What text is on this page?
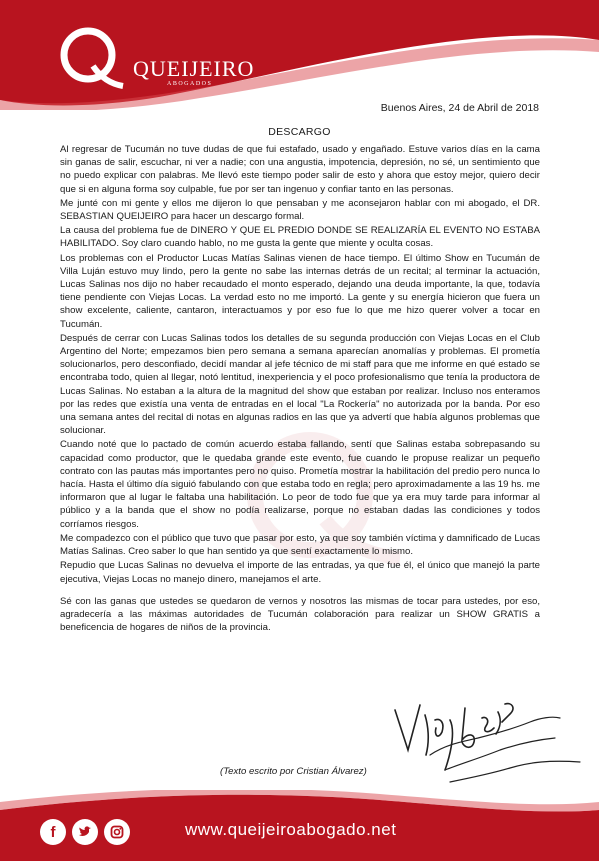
QUEIJEIRO
ABOGADOS
Buenos Aires, 24 de Abril de 2018
DESCARGO

Al regresar de Tucumán no tuve dudas de que fui estafado, usado y engañado. Estuve varios días en la cama sin ganas de salir, escuchar, ni ver a nadie; con una angustia, impotencia, depresión, no sé, un sentimiento que no puedo explicar con palabras. Me llevó este tiempo poder salir de esto y ahora que estoy mejor, quiero decir que si en alguna forma soy culpable, fue por ser tan ingenuo y confiar tanto en las personas.

Me junté con mi gente y ellos me dijeron lo que pensaban y me aconsejaron hablar con mi abogado, el DR. SEBASTIAN QUEIJEIRO para hacer un descargo formal.

La causa del problema fue de DINERO Y QUE EL PREDIO DONDE SE REALIZARÍA EL EVENTO NO ESTABA HABILITADO. Soy claro cuando hablo, no me gusta la gente que miente y oculta cosas.

Los problemas con el Productor Lucas Matías Salinas vienen de hace tiempo. El último Show en Tucumán de Villa Luján estuvo muy lindo, pero la gente no sabe las internas detrás de un recital; al terminar la actuación, Lucas Salinas nos dijo no haber recaudado el monto esperado, dejando una deuda importante, la que, todavía tiene pendiente con Viejas Locas. La verdad esto no me importó. La gente y su energía hicieron que fuera un show excelente, caliente, cantaron, interactuamos y por eso fue lo que me hizo querer volver a tocar en Tucumán.

Después de cerrar con Lucas Salinas todos los detalles de su segunda producción con Viejas Locas en el Club Argentino del Norte; empezamos bien pero semana a semana aparecían anomalías y problemas. El prometía solucionarlos, pero desconfiado, decidí mandar al jefe técnico de mi staff para que me informe en qué estado se encontraba todo, quien al llegar, notó lentitud, inexperiencia y el poco profesionalismo que tenía la productora de Lucas Salinas. No estaban a la altura de la magnitud del show que estaban por realizar. Incluso nos enteramos por las redes que existía una venta de entradas en el local "La Rockería" no autorizada por la banda. Por eso una semana antes del recital di notas en algunas radios en las que ya advertí que había algunos problemas que solucionar.

Cuando noté que lo pactado de común acuerdo estaba fallando, sentí que Salinas estaba sobrepasando su capacidad como productor, que le quedaba grande este evento, fue cuando le propuse realizar un pequeño contrato con las pautas más importantes pero no quiso. Prometía mostrar la habilitación del predio pero nunca lo hacía. Hasta el último día siguió fabulando con que estaba todo en regla; pero aproximadamente a las 19 hs. me informaron que al lugar le faltaba una habilitación. Lo peor de todo fue que ya era muy tarde para informar al público y a la banda que el show no podía realizarse, porque no estaban dadas las condiciones y todos corríamos riesgos.

Me compadezco con el público que tuvo que pasar por esto, ya que soy también víctima y damnificado de Lucas Matías Salinas. Creo saber lo que han sentido ya que sentí exactamente lo mismo.

Repudio que Lucas Salinas no devuelva el importe de las entradas, ya que fue él, el único que manejó la parte ejecutiva, Viejas Locas no manejo dinero, manejamos el arte.

Sé con las ganas que ustedes se quedaron de vernos y nosotros las mismas de tocar para ustedes, por eso, agradecería a las máximas autoridades de Tucumán colaboración para realizar un SHOW GRATIS a beneficencia de hogares de niños de la provincia.

(Texto escrito por Cristian Álvarez)
f	www.queijeiroabogado.net
